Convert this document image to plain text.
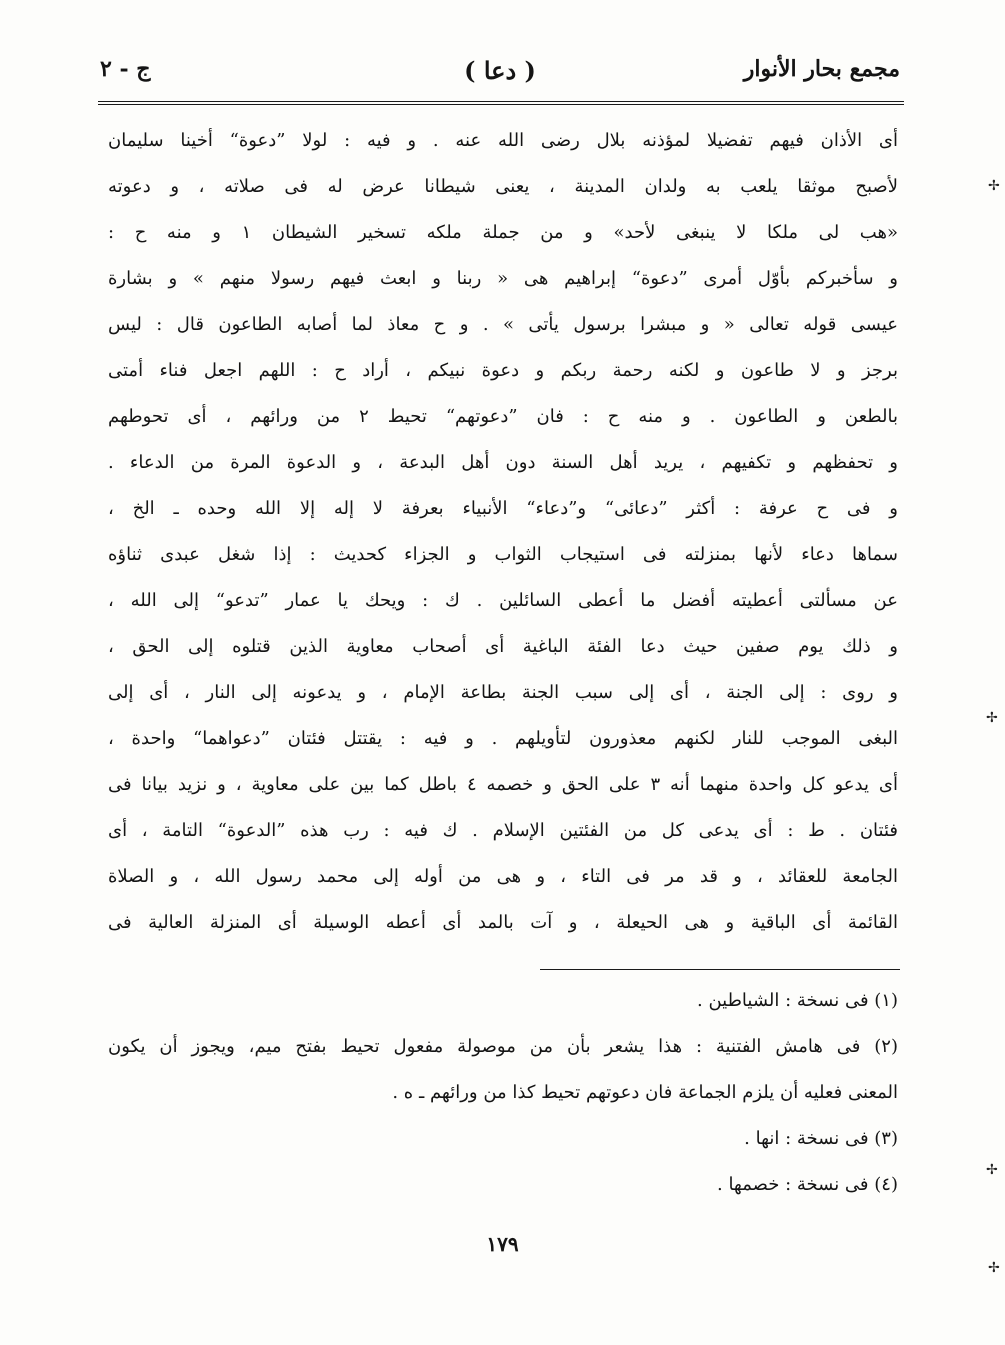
مجمع بحار الأنوار
( دعا )
ج - ٢
أى الأذان فيهم تفضيلا لمؤذنه بلال رضى الله عنه . و فيه : لولا ”دعوة“ أخينا سليمان
لأصبح موثقا يلعب به ولدان المدينة ، يعنى شيطانا عرض له فى صلاته ، و دعوته
«هب لى ملكا لا ينبغى لأحد» و من جملة ملكه تسخير الشيطان ١ و منه ح :
و سأخبركم بأوّل أمرى ”دعوة“ إبراهيم هى « ربنا و ابعث فيهم رسولا منهم » و بشارة
عيسى قوله تعالى « و مبشرا برسول يأتى » . و ح معاذ لما أصابه الطاعون قال : ليس
برجز و لا طاعون و لكنه رحمة ربكم و دعوة نبيكم ، أراد ح : اللهم اجعل فناء أمتى
بالطعن و الطاعون . و منه ح : فان ”دعوتهم“ تحيط ٢ من ورائهم ، أى تحوطهم
و تحفظهم و تكفيهم ، يريد أهل السنة دون أهل البدعة ، و الدعوة المرة من الدعاء .
و فى ح عرفة : أكثر ”دعائى“ و”دعاء“ الأنبياء بعرفة لا إله إلا الله وحده ـ الخ ،
سماها دعاء لأنها بمنزلته فى استيجاب الثواب و الجزاء كحديث : إذا شغل عبدى ثناؤه
عن مسألتى أعطيته أفضل ما أعطى السائلين . ك : ويحك يا عمار ”تدعو“ إلى الله ،
و ذلك يوم صفين حيث دعا الفئة الباغية أى أصحاب معاوية الذين قتلوه إلى الحق ،
و روى : إلى الجنة ، أى إلى سبب الجنة بطاعة الإمام ، و يدعونه إلى النار ، أى إلى
البغى الموجب للنار لكنهم معذورون لتأويلهم . و فيه : يقتتل فئتان ”دعواهما“ واحدة ،
أى يدعو كل واحدة منهما أنه ٣ على الحق و خصمه ٤ باطل كما بين على معاوية ، و نزيد بيانا فى
فئتان . ط : أى يدعى كل من الفئتين الإسلام . ك فيه : رب هذه ”الدعوة“ التامة ، أى
الجامعة للعقائد ، و قد مر فى التاء ، و هى من أوله إلى محمد رسول الله ، و الصلاة
القائمة أى الباقية و هى الحيعلة ، و آت بالمد أى أعطه الوسيلة أى المنزلة العالية فى
(١) فى نسخة : الشياطين .
(٢) فى هامش الفتنية : هذا يشعر بأن من موصولة مفعول تحيط بفتح ميم، ويجوز أن يكون
المعنى فعليه أن يلزم الجماعة فان دعوتهم تحيط كذا من ورائهم ـ ه .
(٣) فى نسخة : انها .
(٤) فى نسخة : خصمها .
١٧٩
✢
✢
✢
✢
